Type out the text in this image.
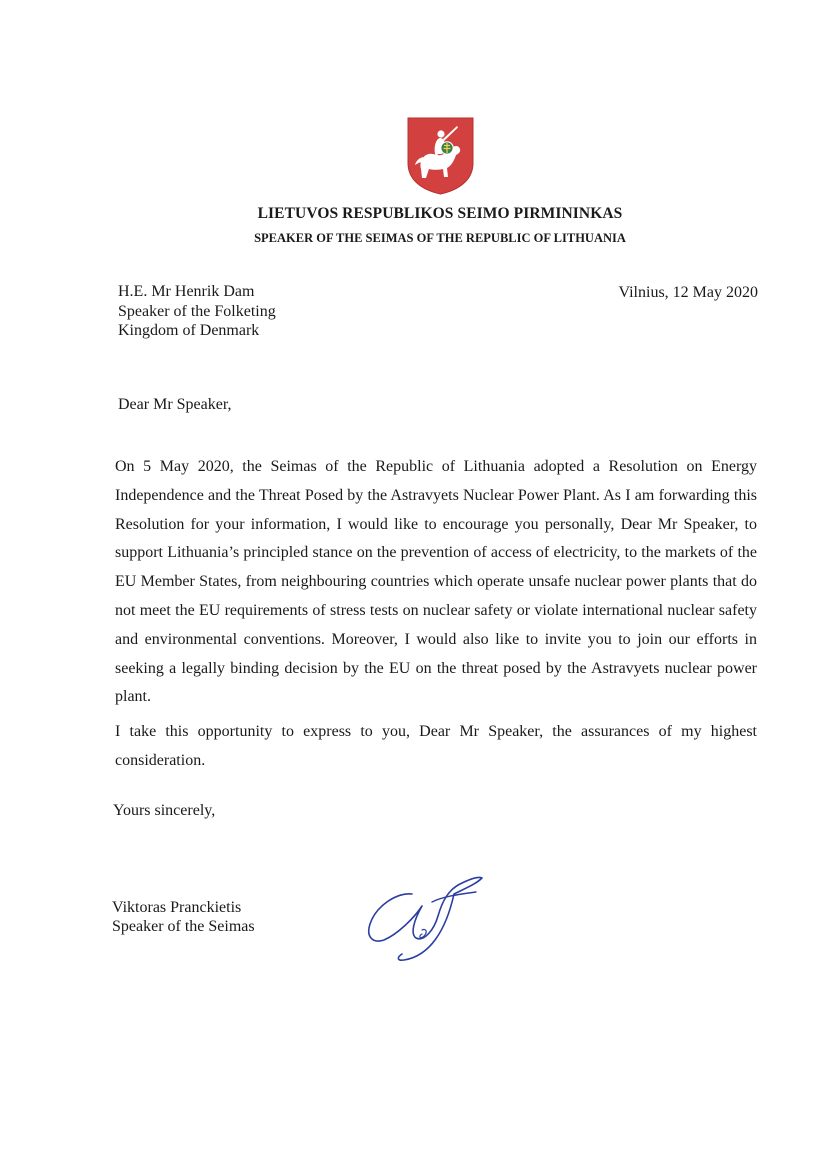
LIETUVOS RESPUBLIKOS SEIMO PIRMININKAS
SPEAKER OF THE SEIMAS OF THE REPUBLIC OF LITHUANIA
H.E. Mr Henrik Dam
Speaker of the Folketing
Kingdom of Denmark
Vilnius, 12 May 2020
Dear Mr Speaker,

On 5 May 2020, the Seimas of the Republic of Lithuania adopted a Resolution on Energy Independence and the Threat Posed by the Astravyets Nuclear Power Plant. As I am forwarding this Resolution for your information, I would like to encourage you personally, Dear Mr Speaker, to support Lithuania’s principled stance on the prevention of access of electricity, to the markets of the EU Member States, from neighbouring countries which operate unsafe nuclear power plants that do not meet the EU requirements of stress tests on nuclear safety or violate international nuclear safety and environmental conventions. Moreover, I would also like to invite you to join our efforts in seeking a legally binding decision by the EU on the threat posed by the Astravyets nuclear power plant.

I take this opportunity to express to you, Dear Mr Speaker, the assurances of my highest consideration.

Yours sincerely,
Viktoras Pranckietis
Speaker of the Seimas
